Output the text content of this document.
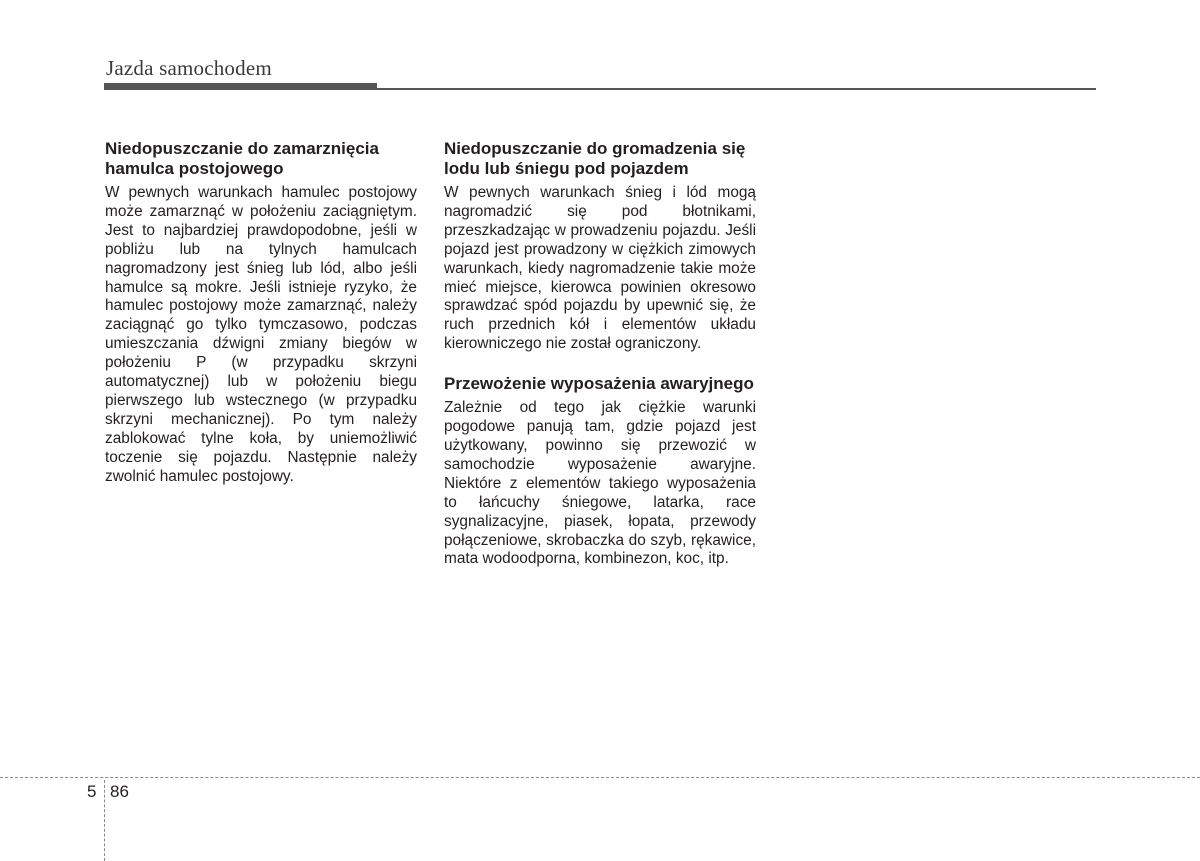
Jazda samochodem
Niedopuszczanie do zamarznięcia hamulca postojowego

W pewnych warunkach hamulec postojowy może zamarznąć w położeniu zaciągniętym. Jest to najbardziej prawdopodobne, jeśli w pobliżu lub na tylnych hamulcach nagromadzony jest śnieg lub lód, albo jeśli hamulce są mokre. Jeśli istnieje ryzyko, że hamulec postojowy może zamarznąć, należy zaciągnąć go tylko tymczasowo, podczas umieszczania dźwigni zmiany biegów w położeniu P (w przypadku skrzyni automatycznej) lub w położeniu biegu pierwszego lub wstecznego (w przypadku skrzyni mechanicznej). Po tym należy zablokować tylne koła, by uniemożliwić toczenie się pojazdu. Następnie należy zwolnić hamulec postojowy.

Niedopuszczanie do gromadzenia się lodu lub śniegu pod pojazdem

W pewnych warunkach śnieg i lód mogą nagromadzić się pod błotnikami, przeszkadzając w prowadzeniu pojazdu. Jeśli pojazd jest prowadzony w ciężkich zimowych warunkach, kiedy nagromadzenie takie może mieć miejsce, kierowca powinien okresowo sprawdzać spód pojazdu by upewnić się, że ruch przednich kół i elementów układu kierowniczego nie został ograniczony.

Przewożenie wyposażenia awaryjnego

Zależnie od tego jak ciężkie warunki pogodowe panują tam, gdzie pojazd jest użytkowany, powinno się przewozić w samochodzie wyposażenie awaryjne. Niektóre z elementów takiego wyposażenia to łańcuchy śniegowe, latarka, race sygnalizacyjne, piasek, łopata, przewody połączeniowe, skrobaczka do szyb, rękawice, mata wodoodporna, kombinezon, koc, itp.

5 86
